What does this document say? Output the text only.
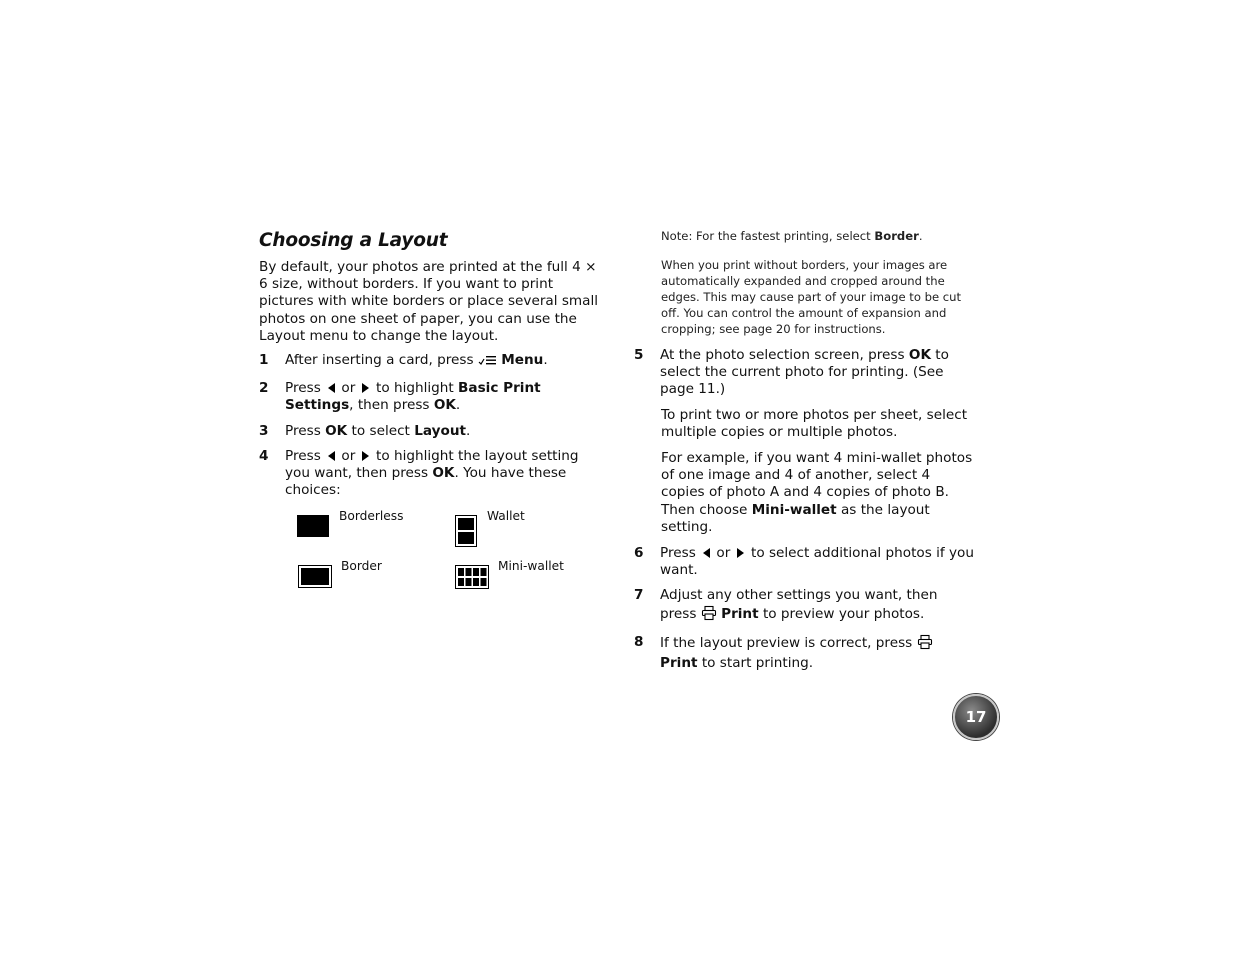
Choosing a Layout

By default, your photos are printed at the full 4 × 6 size, without borders. If you want to print pictures with white borders or place several small photos on one sheet of paper, you can use the Layout menu to change the layout.

1	After inserting a card, press  Menu.
2	Press  or  to highlight Basic Print Settings, then press OK.
3	Press OK to select Layout.
4	Press  or  to highlight the layout setting you want, then press OK. You have these choices:
Borderless	Wallet
Border	Mini-wallet

Note: For the fastest printing, select Border.

When you print without borders, your images are automatically expanded and cropped around the edges. This may cause part of your image to be cut off. You can control the amount of expansion and cropping; see page 20 for instructions.

5	At the photo selection screen, press OK to select the current photo for printing. (See page 11.)

To print two or more photos per sheet, select multiple copies or multiple photos.

For example, if you want 4 mini-wallet photos of one image and 4 of another, select 4 copies of photo A and 4 copies of photo B. Then choose Mini-wallet as the layout setting.

6	Press  or  to select additional photos if you want.
7	Adjust any other settings you want, then press  Print to preview your photos.
8	If the layout preview is correct, press  Print to start printing.
17
